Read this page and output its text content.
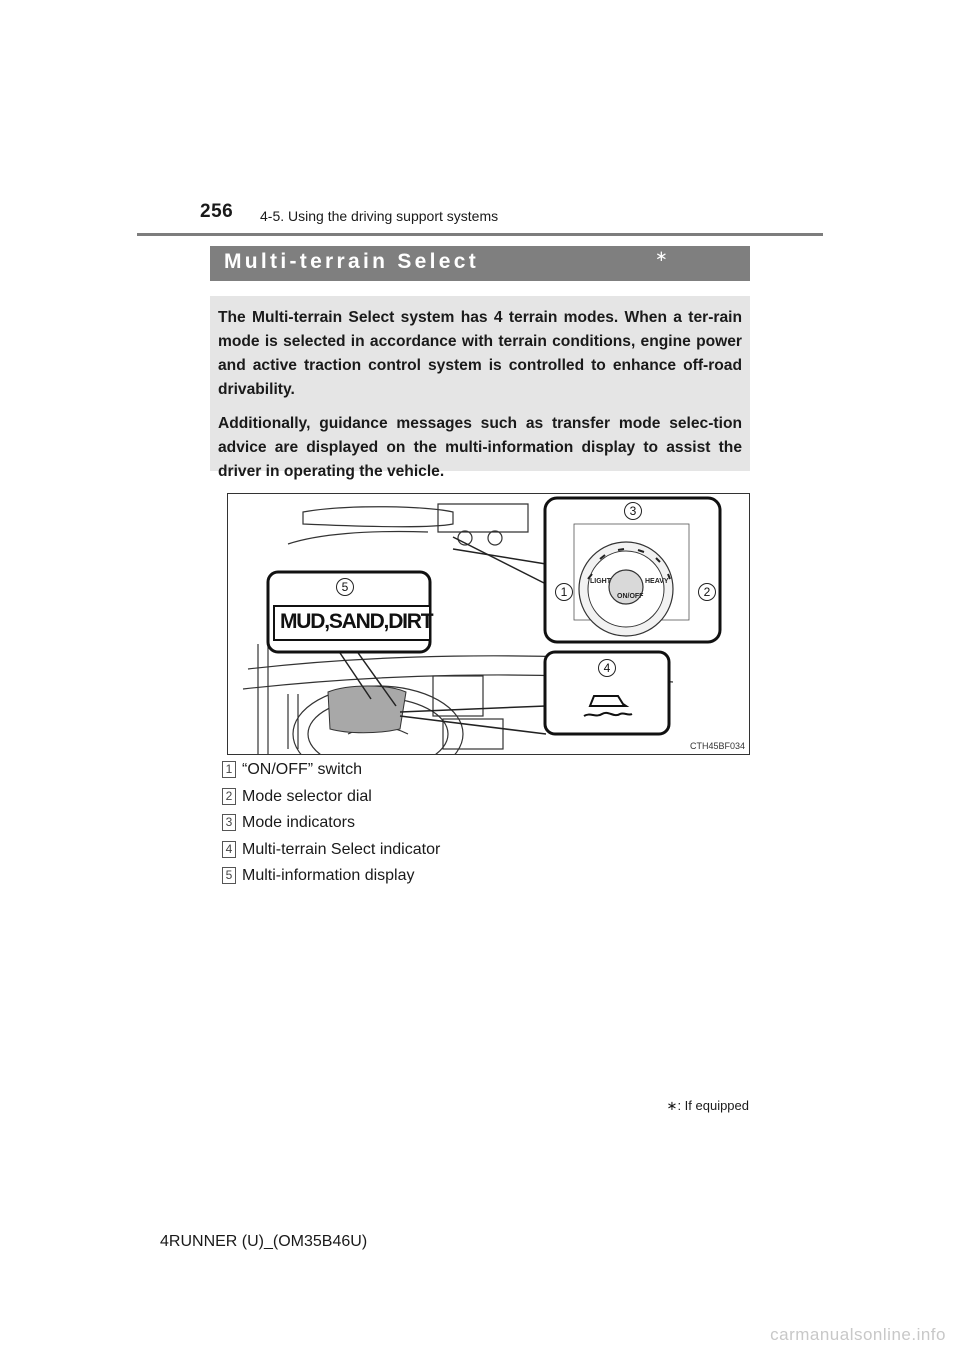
256 4-5. Using the driving support systems
Multi-terrain Select	∗

The Multi-terrain Select system has 4 terrain modes. When a ter-rain mode is selected in accordance with terrain conditions, engine power and active traction control system is controlled to enhance off-road drivability.

Additionally, guidance messages such as transfer mode selec-tion advice are displayed on the multi-information display to assist the driver in operating the vehicle.

MUD,SAND,DIRT
LIGHT	HEAVY
ON/OFF
1	2
3
4
5
CTH45BF034
1 “ON/OFF” switch
2 Mode selector dial
3 Mode indicators
4 Multi-terrain Select indicator
5 Multi-information display
∗: If equipped
4RUNNER (U)_(OM35B46U)
carmanualsonline.info
